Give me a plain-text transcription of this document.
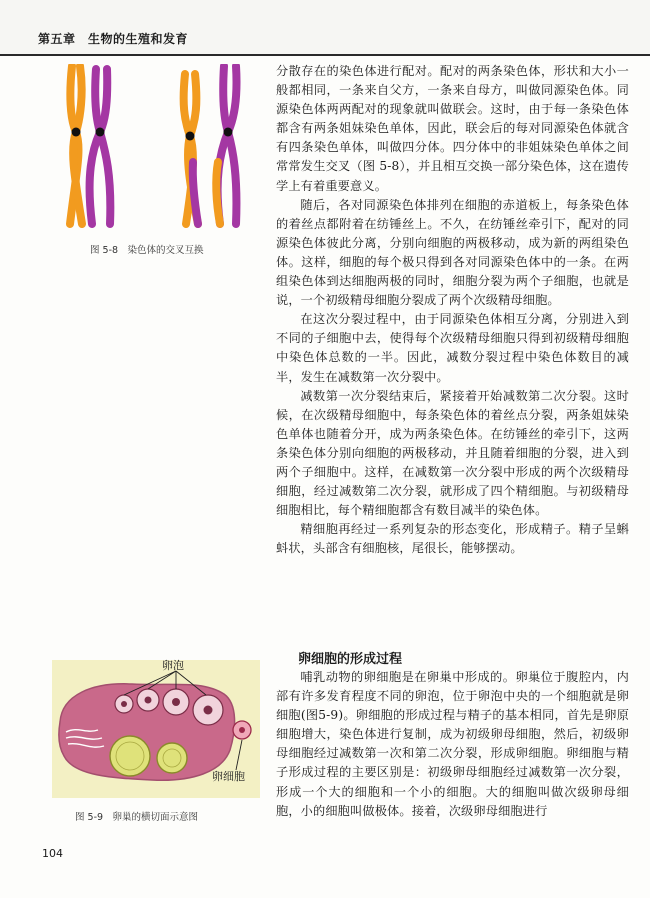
第五章　生物的生殖和发育
图 5-8　染色体的交叉互换

分散存在的染色体进行配对。配对的两条染色体，形状和大小一般都相同，一条来自父方，一条来自母方，叫做同源染色体。同源染色体两两配对的现象就叫做联会。这时，由于每一条染色体都含有两条姐妹染色单体，因此，联会后的每对同源染色体就含有四条染色单体，叫做四分体。四分体中的非姐妹染色单体之间常常发生交叉（图 5-8），并且相互交换一部分染色体，这在遗传学上有着重要意义。

随后，各对同源染色体排列在细胞的赤道板上，每条染色体的着丝点都附着在纺锤丝上。不久，在纺锤丝牵引下，配对的同源染色体彼此分离，分别向细胞的两极移动，成为新的两组染色体。这样，细胞的每个极只得到各对同源染色体中的一条。在两组染色体到达细胞两极的同时，细胞分裂为两个子细胞，也就是说，一个初级精母细胞分裂成了两个次级精母细胞。

在这次分裂过程中，由于同源染色体相互分离，分别进入到不同的子细胞中去，使得每个次级精母细胞只得到初级精母细胞中染色体总数的一半。因此，减数分裂过程中染色体数目的减半，发生在减数第一次分裂中。

减数第一次分裂结束后，紧接着开始减数第二次分裂。这时候，在次级精母细胞中，每条染色体的着丝点分裂，两条姐妹染色单体也随着分开，成为两条染色体。在纺锤丝的牵引下，这两条染色体分别向细胞的两极移动，并且随着细胞的分裂，进入到两个子细胞中。这样，在减数第一次分裂中形成的两个次级精母细胞，经过减数第二次分裂，就形成了四个精细胞。与初级精母细胞相比，每个精细胞都含有数目减半的染色体。

精细胞再经过一系列复杂的形态变化，形成精子。精子呈蝌蚪状，头部含有细胞核，尾很长，能够摆动。

卵细胞的形成过程

哺乳动物的卵细胞是在卵巢中形成的。卵巢位于腹腔内，内部有许多发育程度不同的卵泡，位于卵泡中央的一个细胞就是卵细胞(图5-9)。卵细胞的形成过程与精子的基本相同，首先是卵原细胞增大，染色体进行复制，成为初级卵母细胞，然后，初级卵母细胞经过减数第一次和第二次分裂，形成卵细胞。卵细胞与精子形成过程的主要区别是：初级卵母细胞经过减数第一次分裂，形成一个大的细胞和一个小的细胞。大的细胞叫做次级卵母细胞，小的细胞叫做极体。接着，次级卵母细胞进行

卵泡
卵细胞
图 5-9　卵巢的横切面示意图
104
